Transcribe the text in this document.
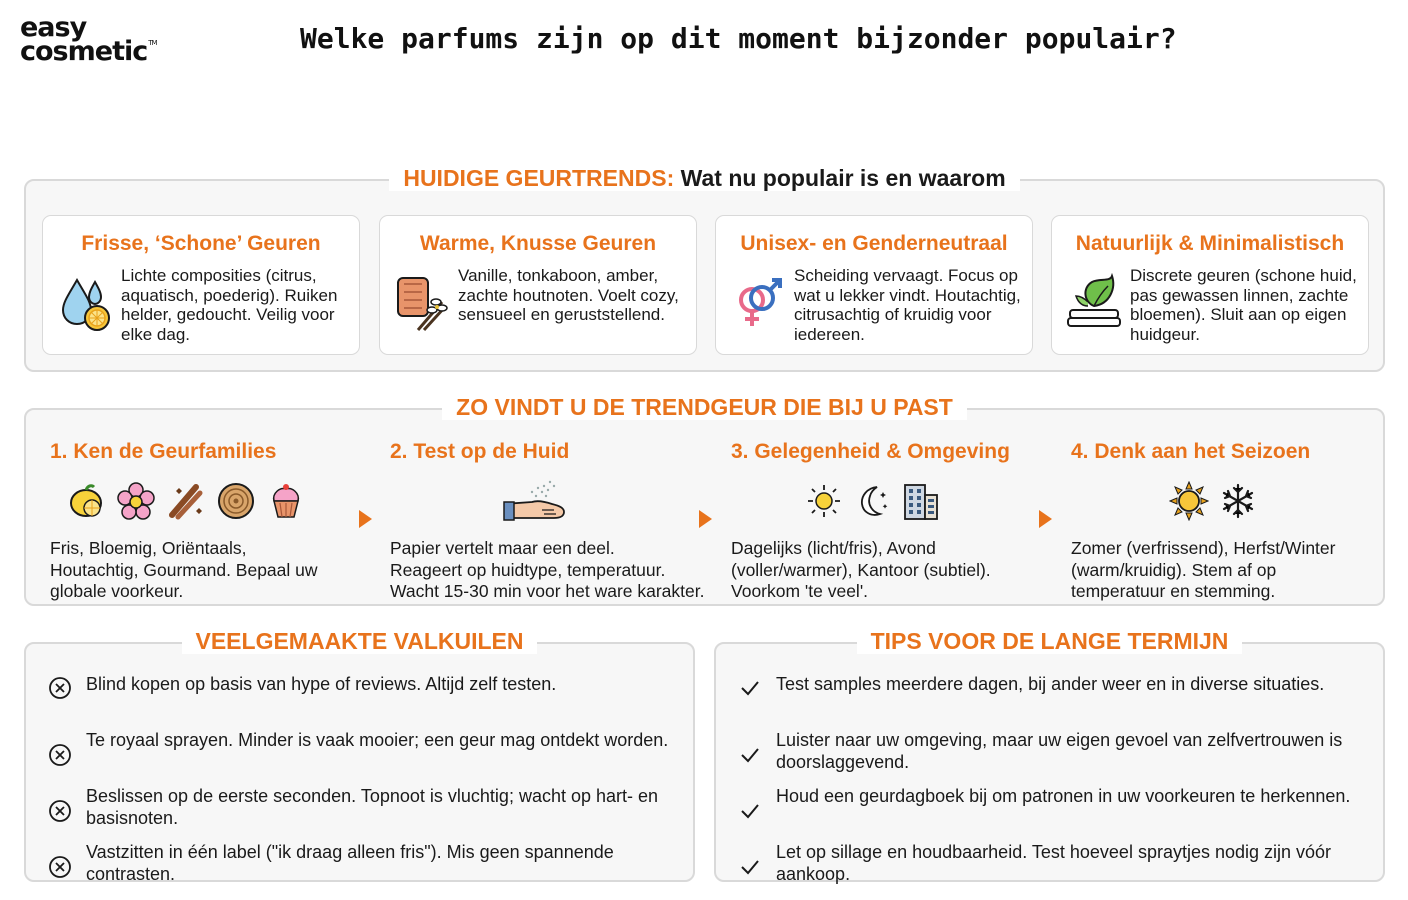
easy
cosmetic™	Welke parfums zijn op dit moment bijzonder populair?
HUIDIGE GEURTRENDS: Wat nu populair is en waarom
Frisse, ‘Schone’ Geuren
Lichte composities (citrus, aquatisch, poederig). Ruiken helder, gedoucht. Veilig voor elke dag.
Warme, Knusse Geuren
Vanille, tonkaboon, amber, zachte houtnoten. Voelt cozy, sensueel en geruststellend.
Unisex- en Genderneutraal
Scheiding vervaagt. Focus op wat u lekker vindt. Houtachtig, citrusachtig of kruidig voor iedereen.
Natuurlijk & Minimalistisch
Discrete geuren (schone huid, pas gewassen linnen, zachte bloemen). Sluit aan op eigen huidgeur.
ZO VINDT U DE TRENDGEUR DIE BIJ U PAST
1. Ken de Geurfamilies
Fris, Bloemig, Oriëntaals,
Houtachtig, Gourmand. Bepaal uw
globale voorkeur.
2. Test op de Huid
Papier vertelt maar een deel.
Reageert op huidtype, temperatuur.
Wacht 15-30 min voor het ware karakter.
3. Gelegenheid & Omgeving
Dagelijks (licht/fris), Avond
(voller/warmer), Kantoor (subtiel).
Voorkom 'te veel'.
4. Denk aan het Seizoen
Zomer (verfrissend), Herfst/Winter
(warm/kruidig). Stem af op
temperatuur en stemming.
VEELGEMAAKTE VALKUILEN
Blind kopen op basis van hype of reviews. Altijd zelf testen.
Te royaal sprayen. Minder is vaak mooier; een geur mag ontdekt worden.
Beslissen op de eerste seconden. Topnoot is vluchtig; wacht op hart- en basisnoten.
Vastzitten in één label ("ik draag alleen fris"). Mis geen spannende contrasten.
TIPS VOOR DE LANGE TERMIJN
Test samples meerdere dagen, bij ander weer en in diverse situaties.
Luister naar uw omgeving, maar uw eigen gevoel van zelfvertrouwen is doorslaggevend.
Houd een geurdagboek bij om patronen in uw voorkeuren te herkennen.
Let op sillage en houdbaarheid. Test hoeveel spraytjes nodig zijn vóór aankoop.
